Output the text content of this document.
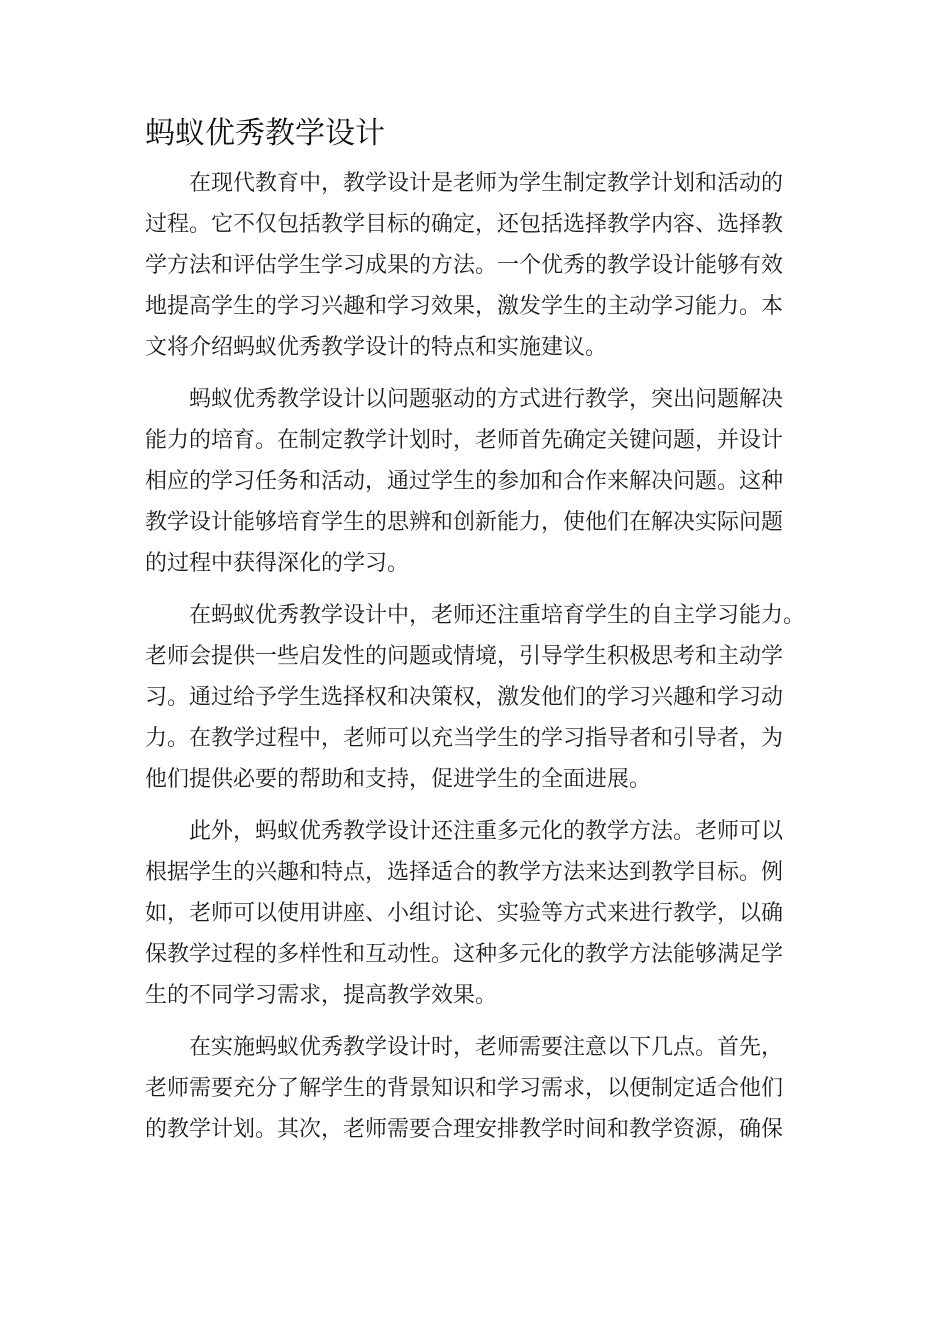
蚂蚁优秀教学设计

在现代教育中，教学设计是老师为学生制定教学计划和活动的
过程。它不仅包括教学目标的确定，还包括选择教学内容、选择教
学方法和评估学生学习成果的方法。一个优秀的教学设计能够有效
地提高学生的学习兴趣和学习效果，激发学生的主动学习能力。本
文将介绍蚂蚁优秀教学设计的特点和实施建议。

蚂蚁优秀教学设计以问题驱动的方式进行教学，突出问题解决
能力的培育。在制定教学计划时，老师首先确定关键问题，并设计
相应的学习任务和活动，通过学生的参加和合作来解决问题。这种
教学设计能够培育学生的思辨和创新能力，使他们在解决实际问题
的过程中获得深化的学习。

在蚂蚁优秀教学设计中，老师还注重培育学生的自主学习能力。
老师会提供一些启发性的问题或情境，引导学生积极思考和主动学
习。通过给予学生选择权和决策权，激发他们的学习兴趣和学习动
力。在教学过程中，老师可以充当学生的学习指导者和引导者，为
他们提供必要的帮助和支持，促进学生的全面进展。

此外，蚂蚁优秀教学设计还注重多元化的教学方法。老师可以
根据学生的兴趣和特点，选择适合的教学方法来达到教学目标。例
如，老师可以使用讲座、小组讨论、实验等方式来进行教学，以确
保教学过程的多样性和互动性。这种多元化的教学方法能够满足学
生的不同学习需求，提高教学效果。

在实施蚂蚁优秀教学设计时，老师需要注意以下几点。首先，
老师需要充分了解学生的背景知识和学习需求，以便制定适合他们
的教学计划。其次，老师需要合理安排教学时间和教学资源，确保
